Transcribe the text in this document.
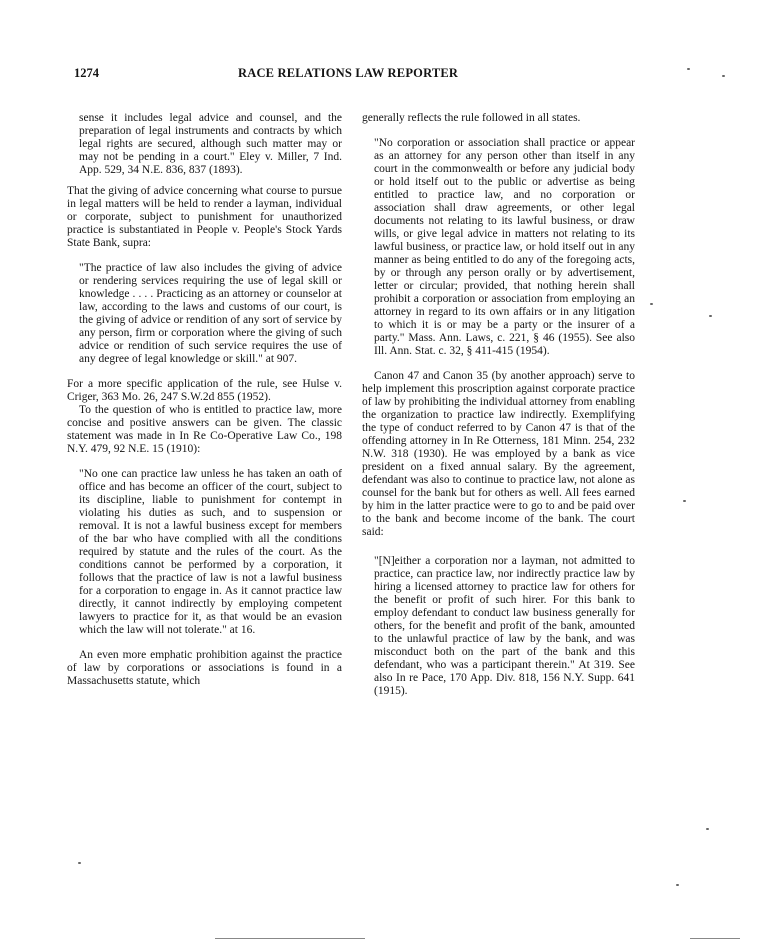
1274	RACE RELATIONS LAW REPORTER

sense it includes legal advice and counsel, and the preparation of legal instruments and contracts by which legal rights are secured, although such matter may or may not be pending in a court." Eley v. Miller, 7 Ind. App. 529, 34 N.E. 836, 837 (1893).

That the giving of advice concerning what course to pursue in legal matters will be held to render a layman, individual or corporate, subject to punishment for unauthorized practice is substantiated in People v. People's Stock Yards State Bank, supra:

"The practice of law also includes the giving of advice or rendering services requiring the use of legal skill or knowledge . . . . Practicing as an attorney or counselor at law, according to the laws and customs of our court, is the giving of advice or rendition of any sort of service by any person, firm or corporation where the giving of such advice or rendition of such service requires the use of any degree of legal knowledge or skill." at 907.

For a more specific application of the rule, see Hulse v. Criger, 363 Mo. 26, 247 S.W.2d 855 (1952).

To the question of who is entitled to practice law, more concise and positive answers can be given. The classic statement was made in In Re Co-Operative Law Co., 198 N.Y. 479, 92 N.E. 15 (1910):

"No one can practice law unless he has taken an oath of office and has become an officer of the court, subject to its discipline, liable to punishment for contempt in violating his duties as such, and to suspension or removal. It is not a lawful business except for members of the bar who have complied with all the conditions required by statute and the rules of the court. As the conditions cannot be performed by a corporation, it follows that the practice of law is not a lawful business for a corporation to engage in. As it cannot practice law directly, it cannot indirectly by employing competent lawyers to practice for it, as that would be an evasion which the law will not tolerate." at 16.

An even more emphatic prohibition against the practice of law by corporations or associations is found in a Massachusetts statute, which

generally reflects the rule followed in all states.

"No corporation or association shall practice or appear as an attorney for any person other than itself in any court in the commonwealth or before any judicial body or hold itself out to the public or advertise as being entitled to practice law, and no corporation or association shall draw agreements, or other legal documents not relating to its lawful business, or draw wills, or give legal advice in matters not relating to its lawful business, or practice law, or hold itself out in any manner as being entitled to do any of the foregoing acts, by or through any person orally or by advertisement, letter or circular; provided, that nothing herein shall prohibit a corporation or association from employing an attorney in regard to its own affairs or in any litigation to which it is or may be a party or the insurer of a party." Mass. Ann. Laws, c. 221, § 46 (1955). See also Ill. Ann. Stat. c. 32, § 411-415 (1954).

Canon 47 and Canon 35 (by another approach) serve to help implement this proscription against corporate practice of law by prohibiting the individual attorney from enabling the organization to practice law indirectly. Exemplifying the type of conduct referred to by Canon 47 is that of the offending attorney in In Re Otterness, 181 Minn. 254, 232 N.W. 318 (1930). He was employed by a bank as vice president on a fixed annual salary. By the agreement, defendant was also to continue to practice law, not alone as counsel for the bank but for others as well. All fees earned by him in the latter practice were to go to and be paid over to the bank and become income of the bank. The court said:

"[N]either a corporation nor a layman, not admitted to practice, can practice law, nor indirectly practice law by hiring a licensed attorney to practice law for others for the benefit or profit of such hirer. For this bank to employ defendant to conduct law business generally for others, for the benefit and profit of the bank, amounted to the unlawful practice of law by the bank, and was misconduct both on the part of the bank and this defendant, who was a participant therein." At 319. See also In re Pace, 170 App. Div. 818, 156 N.Y. Supp. 641 (1915).
